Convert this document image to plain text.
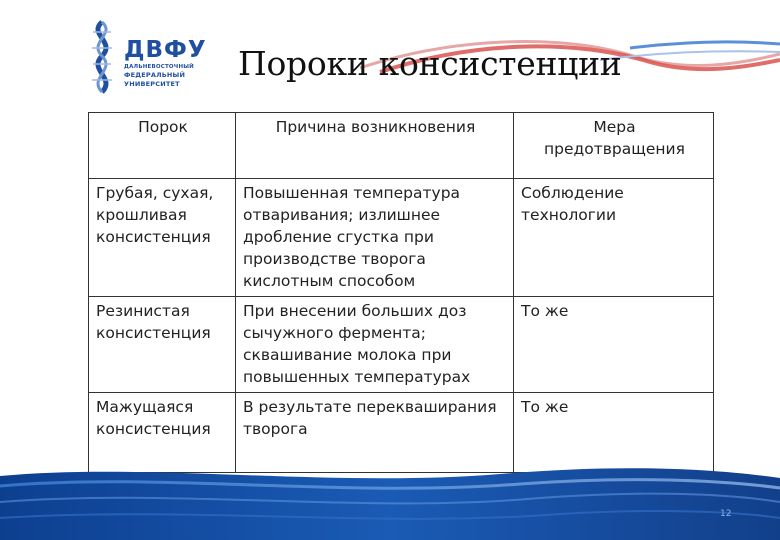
ДВФУ
ДАЛЬНЕВОСТОЧНЫЙ
ФЕДЕРАЛЬНЫЙ
УНИВЕРСИТЕТ
Пороки консистенции
Порок	Причина возникновения	Мера предотвращения
Грубая, сухая, крошливая консистенция	Повышенная температура отваривания; излишнее дробление сгустка при производстве творога кислотным способом	Соблюдение технологии
Резинистая консистенция	При внесении больших доз сычужного фермента; сквашивание молока при повышенных температурах	То же
Мажущаяся консистенция	В результате перекваширания творога	То же
12
